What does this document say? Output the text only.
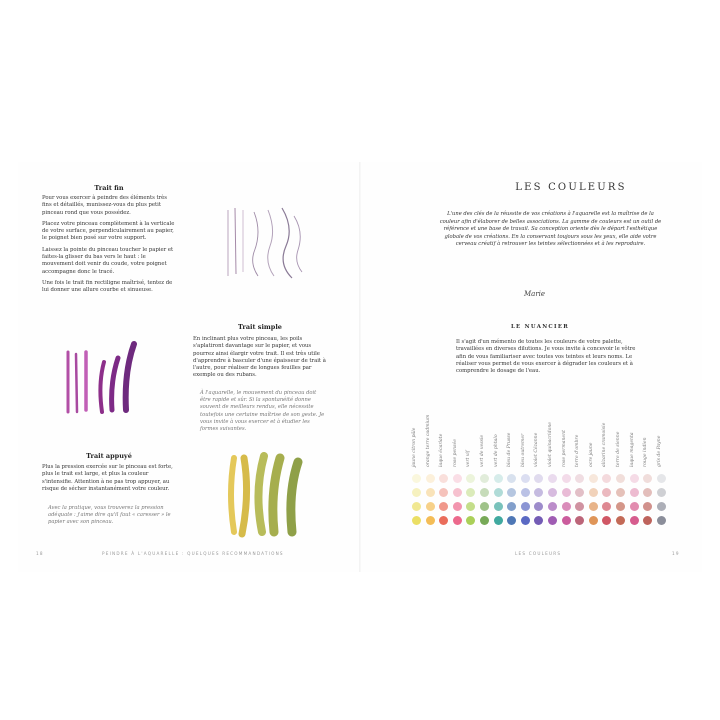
Trait fin

Pour vous exercer à peindre des éléments très fins et détaillés, munissez-vous du plus petit pinceau rond que vous possédez.

Placez votre pinceau complètement à la verticale de votre surface, perpendiculairement au papier, le poignet bien posé sur votre support.

Laissez la pointe du pinceau toucher le papier et faites-la glisser du bas vers le haut : le mouvement doit venir du coude, votre poignet accompagne donc le tracé.

Une fois le trait fin rectiligne maîtrisé, tentez de lui donner une allure courbe et sinueuse.

Trait simple
En inclinant plus votre pinceau, les poils s'aplatiront davantage sur le papier, et vous pourrez ainsi élargir votre trait. Il est très utile d'apprendre à basculer d'une épaisseur de trait à l'autre, pour réaliser de longues feuilles par exemple ou des rubans.
À l'aquarelle, le mouvement du pinceau doit être rapide et sûr. Si la spontanéité donne souvent de meilleurs rendus, elle nécessite toutefois une certaine maîtrise de son geste. Je vous invite à vous exercer et à étudier les formes suivantes.
Trait appuyé
Plus la pression exercée sur le pinceau est forte, plus le trait est large, et plus la couleur s'intensifie. Attention à ne pas trop appuyer, au risque de sécher instantanément votre couleur.
Avec la pratique, vous trouverez la pression adéquate : j'aime dire qu'il faut « caresser » le papier avec son pinceau.
18	PEINDRE À L'AQUARELLE : QUELQUES RECOMMANDATIONS
LES COULEURS
L'une des clés de la réussite de vos créations à l'aquarelle est la maîtrise de la couleur afin d'élaborer de belles associations. La gamme de couleurs est un outil de référence et une base de travail. Sa conception oriente dès le départ l'esthétique globale de vos créations. En la conservant toujours sous les yeux, elle aide votre cerveau créatif à retrouver les teintes sélectionnées et à les reproduire.
Marie
LE NUANCIER
Il s'agit d'un mémento de toutes les couleurs de votre palette, travaillées en diverses dilutions. Je vous invite à concevoir le vôtre afin de vous familiariser avec toutes vos teintes et leurs noms. Le réaliser vous permet de vous exercer à dégrader les couleurs et à comprendre le dosage de l'eau.
jaune citron pâle orange terre cadmium laque écarlate rose pensée vert vif vert de vessie vert de phtalo bleu de Prusse bleu outremer violet Cézanne violet quinacridone rose permanent terre d'ombre ocre jaune alizarine cramoisie terre de sienne laque magenta rouge indien gris de Payne
LES COULEURS	19
